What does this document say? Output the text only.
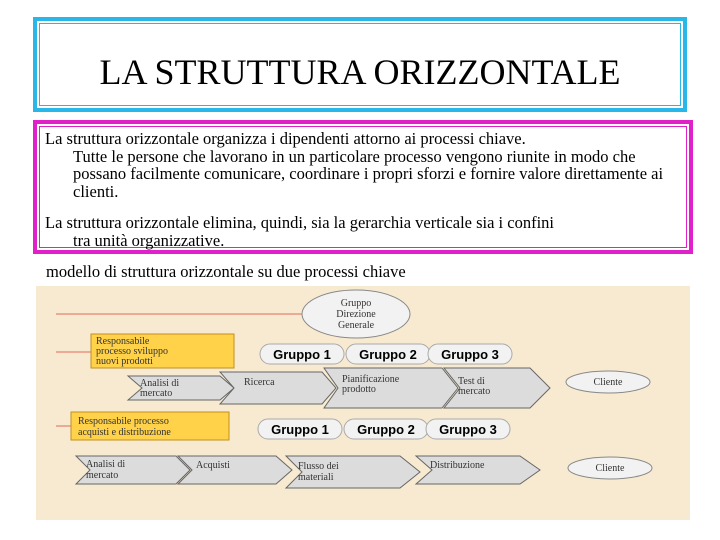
LA STRUTTURA ORIZZONTALE
La struttura orizzontale organizza i dipendenti attorno ai processi chiave.
Tutte le persone che lavorano in un particolare processo vengono riunite in modo che possano facilmente comunicare, coordinare i propri sforzi e fornire valore direttamente ai clienti.
La struttura orizzontale elimina, quindi, sia la gerarchia verticale sia i confini
tra unità organizzative.
modello di struttura orizzontale su due processi chiave
Gruppo
Direzione
Generale
Responsabile
processo sviluppo
nuovi prodotti	Gruppo 1 Gruppo 2 Gruppo 3
Analisi di
mercato
Ricerca	Pianificazione
prodotto
Test di
mercato
Cliente
Responsabile processo
acquisti e distribuzione	Gruppo 1 Gruppo 2 Gruppo 3
Analisi di
mercato
Acquisti	Flusso dei
materiali
Distribuzione	Cliente
